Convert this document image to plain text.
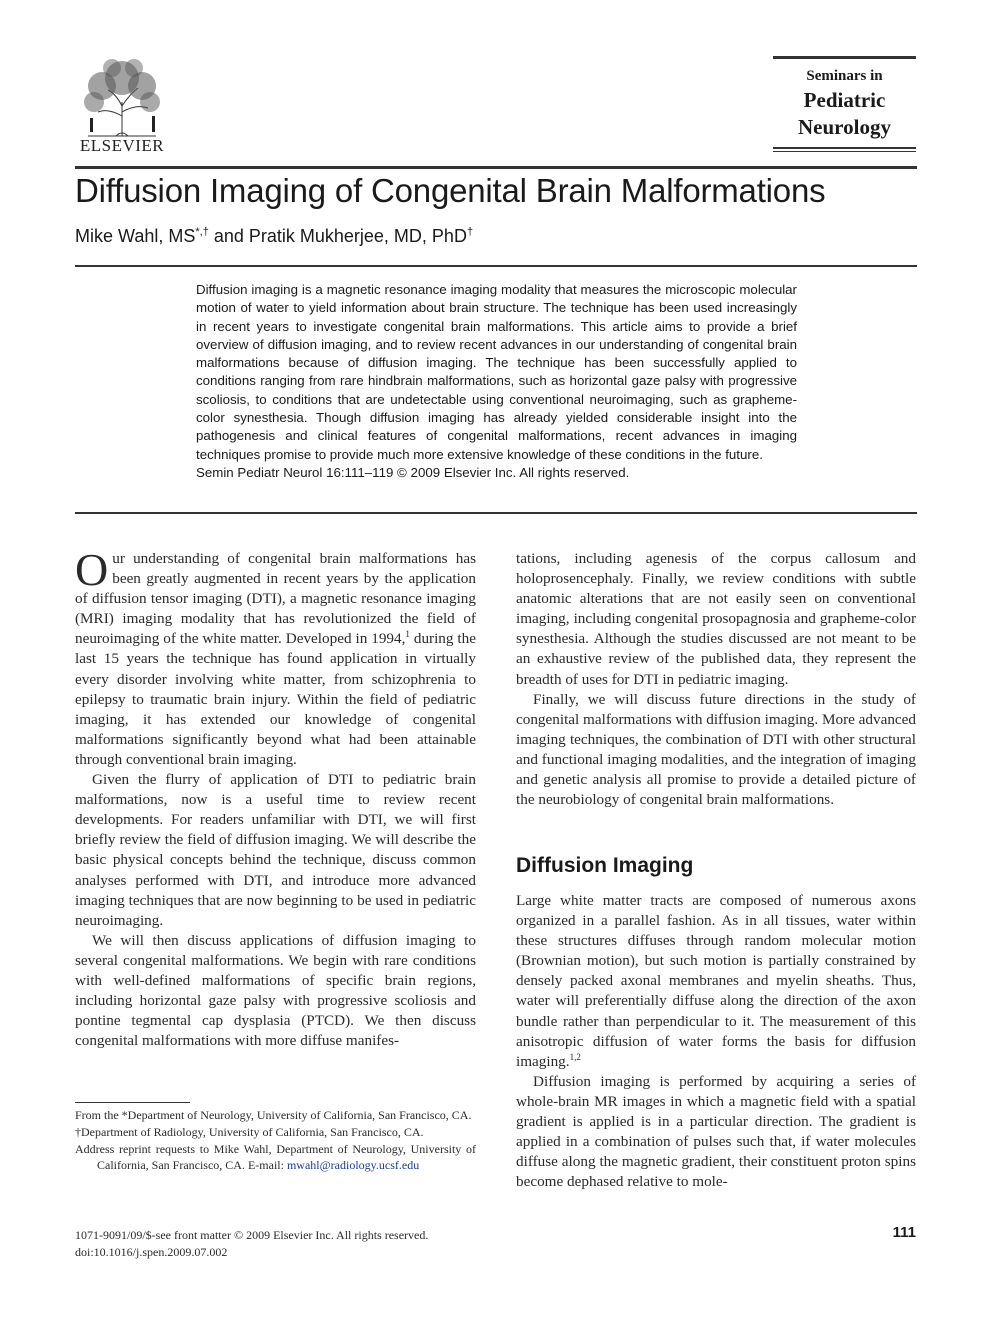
ELSEVIER
Seminars in
Pediatric
Neurology
Diffusion Imaging of Congenital Brain Malformations
Mike Wahl, MS*,† and Pratik Mukherjee, MD, PhD†

Diffusion imaging is a magnetic resonance imaging modality that measures the microscopic molecular motion of water to yield information about brain structure. The technique has been used increasingly in recent years to investigate congenital brain malformations. This article aims to provide a brief overview of diffusion imaging, and to review recent advances in our understanding of congenital brain malformations because of diffusion imaging. The technique has been successfully applied to conditions ranging from rare hindbrain malformations, such as horizontal gaze palsy with progressive scoliosis, to conditions that are undetectable using conventional neuroimaging, such as grapheme-color synesthesia. Though diffusion imaging has already yielded considerable insight into the pathogenesis and clinical features of congenital malformations, recent advances in imaging techniques promise to provide much more extensive knowledge of these conditions in the future.

Semin Pediatr Neurol 16:111–119 © 2009 Elsevier Inc. All rights reserved.

Our understanding of congenital brain malformations has been greatly augmented in recent years by the application of diffusion tensor imaging (DTI), a magnetic resonance imaging (MRI) imaging modality that has revolutionized the field of neuroimaging of the white matter. Developed in 1994,$^1$ during the last 15 years the technique has found application in virtually every disorder involving white matter, from schizophrenia to epilepsy to traumatic brain injury. Within the field of pediatric imaging, it has extended our knowledge of congenital malformations significantly beyond what had been attainable through conventional brain imaging.

Given the flurry of application of DTI to pediatric brain malformations, now is a useful time to review recent developments. For readers unfamiliar with DTI, we will first briefly review the field of diffusion imaging. We will describe the basic physical concepts behind the technique, discuss common analyses performed with DTI, and introduce more advanced imaging techniques that are now beginning to be used in pediatric neuroimaging.

We will then discuss applications of diffusion imaging to several congenital malformations. We begin with rare conditions with well-defined malformations of specific brain regions, including horizontal gaze palsy with progressive scoliosis and pontine tegmental cap dysplasia (PTCD). We then discuss congenital malformations with more diffuse manifes-

tations, including agenesis of the corpus callosum and holoprosencephaly. Finally, we review conditions with subtle anatomic alterations that are not easily seen on conventional imaging, including congenital prosopagnosia and grapheme-color synesthesia. Although the studies discussed are not meant to be an exhaustive review of the published data, they represent the breadth of uses for DTI in pediatric imaging.

Finally, we will discuss future directions in the study of congenital malformations with diffusion imaging. More advanced imaging techniques, the combination of DTI with other structural and functional imaging modalities, and the integration of imaging and genetic analysis all promise to provide a detailed picture of the neurobiology of congenital brain malformations.

Diffusion Imaging

Large white matter tracts are composed of numerous axons organized in a parallel fashion. As in all tissues, water within these structures diffuses through random molecular motion (Brownian motion), but such motion is partially constrained by densely packed axonal membranes and myelin sheaths. Thus, water will preferentially diffuse along the direction of the axon bundle rather than perpendicular to it. The measurement of this anisotropic diffusion of water forms the basis for diffusion imaging.$^{1,2}$

Diffusion imaging is performed by acquiring a series of whole-brain MR images in which a magnetic field with a spatial gradient is applied is in a particular direction. The gradient is applied in a combination of pulses such that, if water molecules diffuse along the magnetic gradient, their constituent proton spins become dephased relative to mole-

From the *Department of Neurology, University of California, San Francisco, CA.

†Department of Radiology, University of California, San Francisco, CA.

Address reprint requests to Mike Wahl, Department of Neurology, University of California, San Francisco, CA. E-mail: mwahl@radiology.ucsf.edu

1071-9091/09/$-see front matter © 2009 Elsevier Inc. All rights reserved.
doi:10.1016/j.spen.2009.07.002
111
